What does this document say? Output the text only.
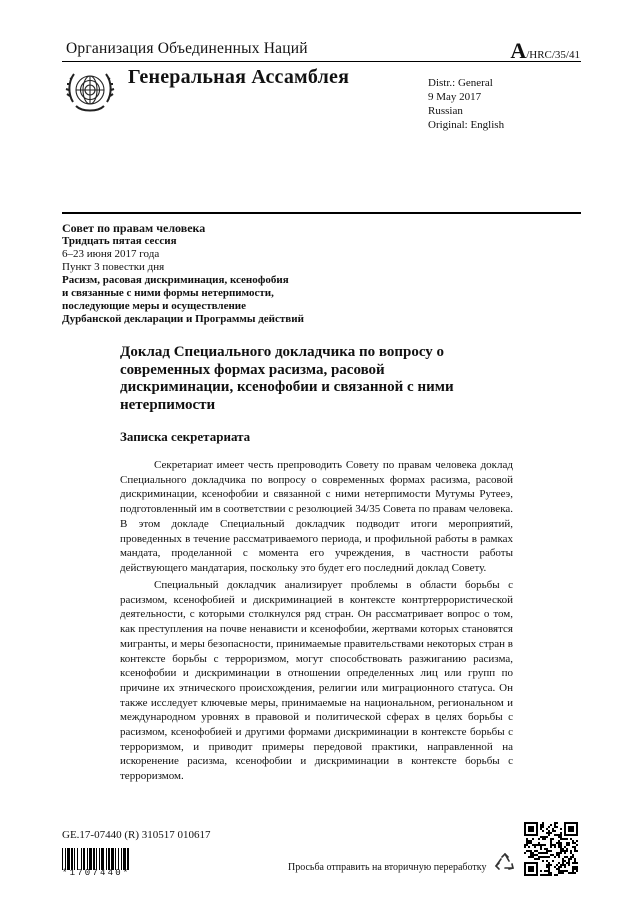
Организация Объединенных Наций	A/HRC/35/41
Генеральная Ассамблея	Distr.: General
9 May 2017
Russian
Original: English
Совет по правам человека
Тридцать пятая сессия
6–23 июня 2017 года
Пункт 3 повестки дня
Расизм, расовая дискриминация, ксенофобия
и связанные с ними формы нетерпимости,
последующие меры и осуществление
Дурбанской декларации и Программы действий
Доклад Специального докладчика по вопросу о современных формах расизма, расовой дискриминации, ксенофобии и связанной с ними нетерпимости
Записка секретариата
Секретариат имеет честь препроводить Совету по правам человека доклад Специального докладчика по вопросу о современных формах расизма, расовой дискриминации, ксенофобии и связанной с ними нетерпимости Мутумы Рутееэ, подготовленный им в соответствии с резолюцией 34/35 Совета по правам человека. В этом докладе Специальный докладчик подводит итоги мероприятий, проведенных в течение рассматриваемого периода, и профильной работы в рамках мандата, проделанной с момента его учреждения, в частности работы действующего мандатария, поскольку это будет его последний доклад Совету.
Специальный докладчик анализирует проблемы в области борьбы с расизмом, ксенофобией и дискриминацией в контексте контртеррористической деятельности, с которыми столкнулся ряд стран. Он рассматривает вопрос о том, как преступления на почве ненависти и ксенофобии, жертвами которых становятся мигранты, и меры безопасности, принимаемые правительствами некоторых стран в контексте борьбы с терроризмом, могут способствовать разжиганию расизма, ксенофобии и дискриминации в отношении определенных лиц или групп по причине их этнического происхождения, религии или миграционного статуса. Он также исследует ключевые меры, принимаемые на национальном, региональном и международном уровнях в правовой и политической сферах в целях борьбы с расизмом, ксенофобией и другими формами дискриминации в контексте борьбы с терроризмом, и приводит примеры передовой практики, направленной на искоренение расизма, ксенофобии и дискриминации в контексте борьбы с терроризмом.
GE.17-07440 (R) 310517 010617
*1707440*	Просьба отправить на вторичную переработку
